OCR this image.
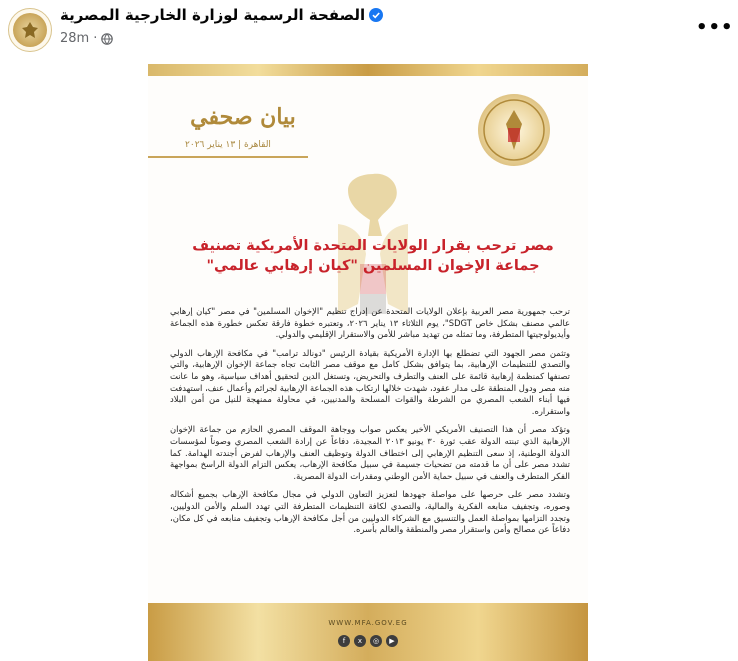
الصفحة الرسمية لوزارة الخارجية المصرية
28m ·
•••
بيان صحفي
القاهرة | ١٣ يناير ٢٠٢٦
مصر ترحب بقرار الولايات المتحدة الأمريكية تصنيف جماعة الإخوان المسلمين "كيان إرهابي عالمي"

ترحب جمهورية مصر العربية بإعلان الولايات المتحدة عن إدراج تنظيم "الإخوان المسلمين" في مصر "كيان إرهابي عالمي مصنف بشكل خاص SDGT"، يوم الثلاثاء ١٣ يناير ٢٠٢٦، وتعتبره خطوة فارقة تعكس خطورة هذه الجماعة وأيديولوجيتها المتطرفة، وما تمثله من تهديد مباشر للأمن والاستقرار الإقليمي والدولي.

وتثمن مصر الجهود التي تضطلع بها الإدارة الأمريكية بقيادة الرئيس "دونالد ترامب" في مكافحة الإرهاب الدولي والتصدي للتنظيمات الإرهابية، بما يتوافق بشكل كامل مع موقف مصر الثابت تجاه جماعة الإخوان الإرهابية، والتي تصنفها كمنظمة إرهابية قائمة على العنف والتطرف والتحريض، وتستغل الدين لتحقيق أهداف سياسية، وهو ما عانت منه مصر ودول المنطقة على مدار عقود، شهدت خلالها ارتكاب هذه الجماعة الإرهابية لجرائم وأعمال عنف، استهدفت فيها أبناء الشعب المصري من الشرطة والقوات المسلحة والمدنيين، في محاولة ممنهجة للنيل من أمن البلاد واستقراره.

وتؤكد مصر أن هذا التصنيف الأمريكي الأخير يعكس صواب ووجاهة الموقف المصري الحازم من جماعة الإخوان الإرهابية الذي تبنته الدولة عقب ثورة ٣٠ يونيو ٢٠١٣ المجيدة، دفاعاً عن إرادة الشعب المصري وصوناً لمؤسسات الدولة الوطنية، إذ سعى التنظيم الإرهابي إلى اختطاف الدولة وتوظيف العنف والإرهاب لفرض أجندته الهدامة. كما تشدد مصر على أن ما قدمته من تضحيات جسيمة في سبيل مكافحة الإرهاب، يعكس التزام الدولة الراسخ بمواجهة الفكر المتطرف والعنف في سبيل حماية الأمن الوطني ومقدرات الدولة المصرية.

وتشدد مصر على حرصها على مواصلة جهودها لتعزيز التعاون الدولي في مجال مكافحة الإرهاب بجميع أشكاله وصوره، وتجفيف منابعه الفكرية والمالية، والتصدي لكافة التنظيمات المتطرفة التي تهدد السلم والأمن الدوليين، وتجدد التزامها بمواصلة العمل والتنسيق مع الشركاء الدوليين من أجل مكافحة الإرهاب وتجفيف منابعه في كل مكان، دفاعاً عن مصالح وأمن واستقرار مصر والمنطقة والعالم بأسره.

WWW.MFA.GOV.EG
f	x	◎	▶
